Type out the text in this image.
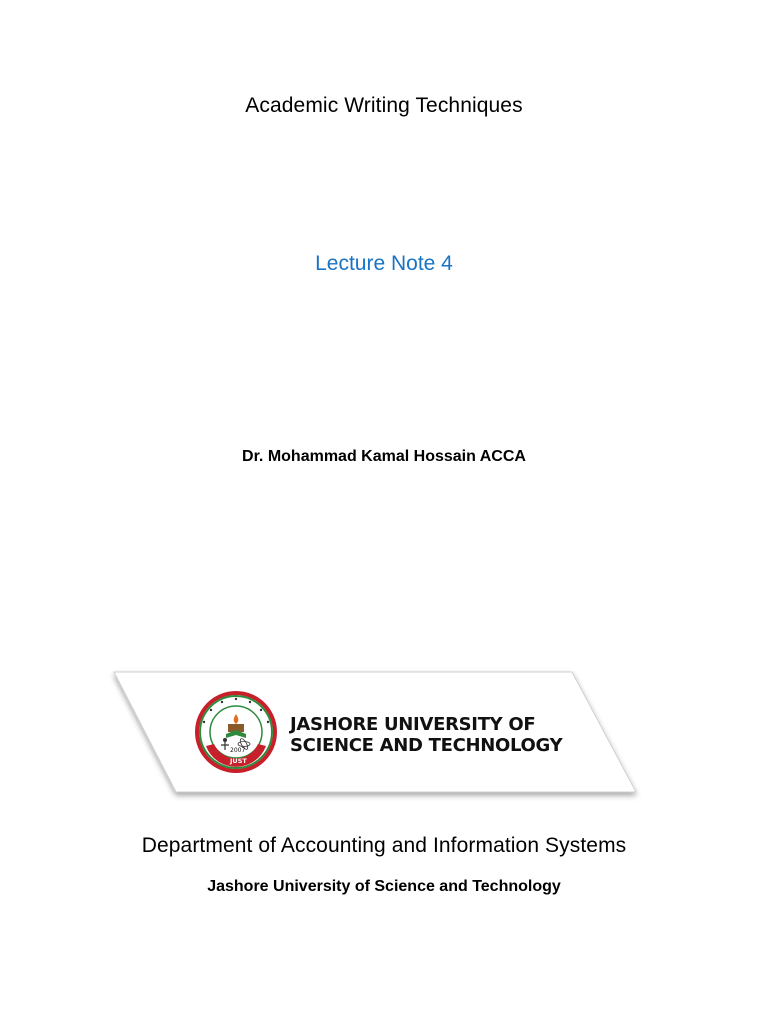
Academic Writing Techniques
Lecture Note 4
Dr. Mohammad Kamal Hossain ACCA
2007
JUST
JASHORE UNIVERSITY OF
SCIENCE AND TECHNOLOGY
Department of Accounting and Information Systems
Jashore University of Science and Technology
